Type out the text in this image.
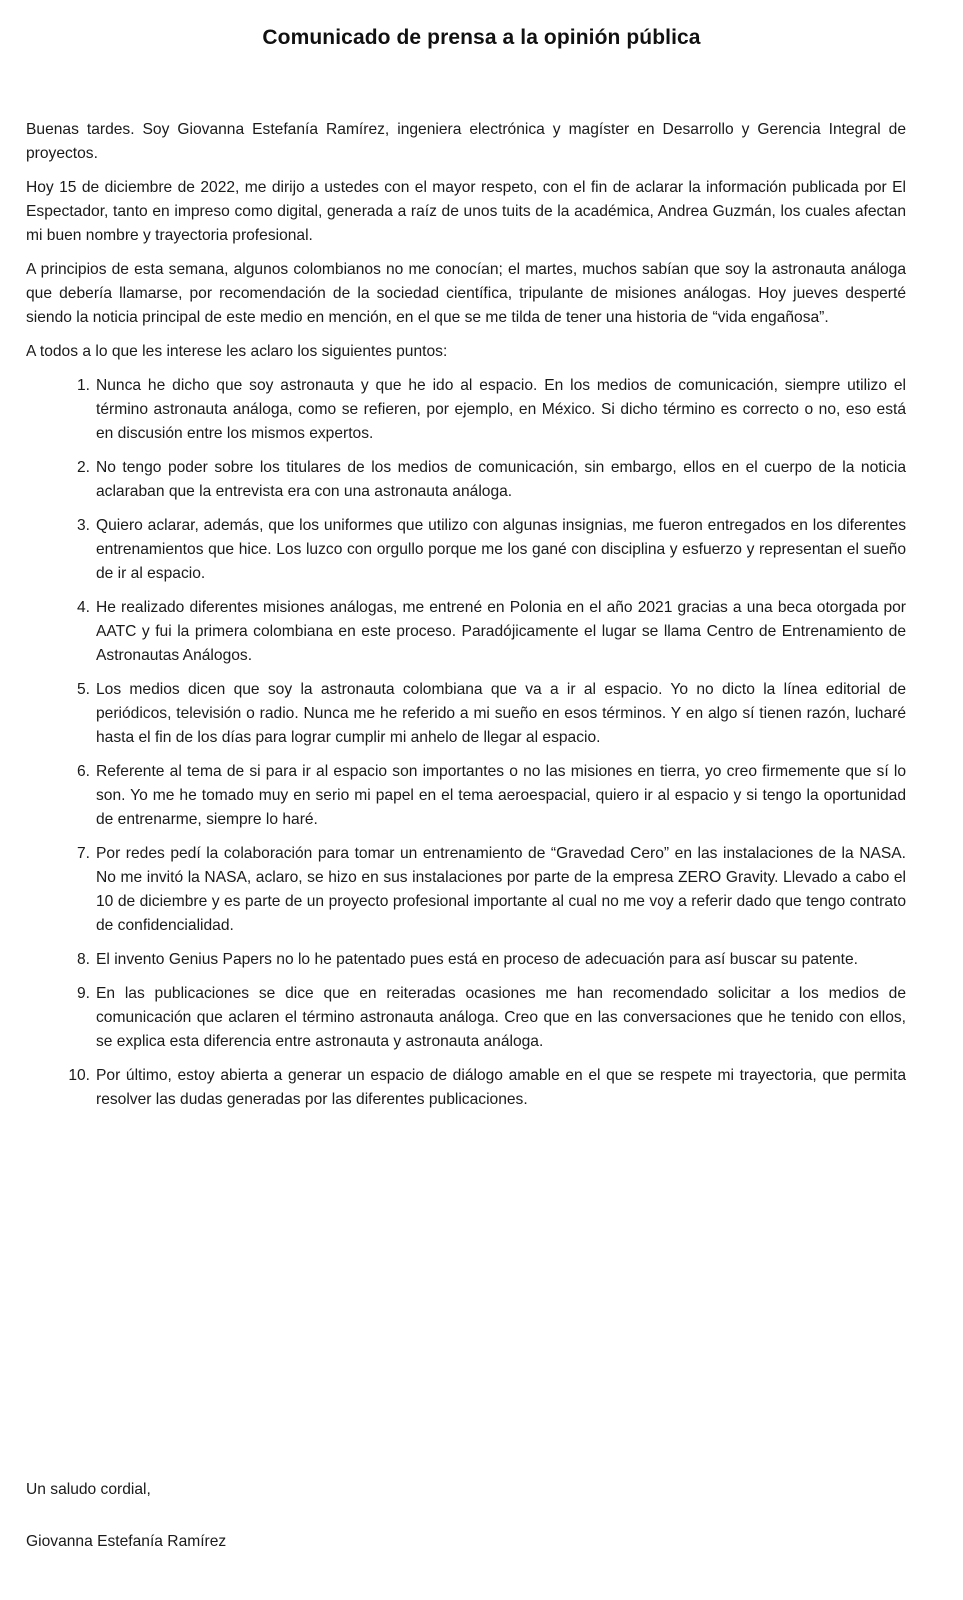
Comunicado de prensa a la opinión pública

Buenas tardes. Soy Giovanna Estefanía Ramírez, ingeniera electrónica y magíster en Desarrollo y Gerencia Integral de proyectos.

Hoy 15 de diciembre de 2022, me dirijo a ustedes con el mayor respeto, con el fin de aclarar la información publicada por El Espectador, tanto en impreso como digital, generada a raíz de unos tuits de la académica, Andrea Guzmán, los cuales afectan mi buen nombre y trayectoria profesional.

A principios de esta semana, algunos colombianos no me conocían; el martes, muchos sabían que soy la astronauta análoga que debería llamarse, por recomendación de la sociedad científica, tripulante de misiones análogas. Hoy jueves desperté siendo la noticia principal de este medio en mención, en el que se me tilda de tener una historia de “vida engañosa”.

A todos a lo que les interese les aclaro los siguientes puntos:

1. Nunca he dicho que soy astronauta y que he ido al espacio. En los medios de comunicación, siempre utilizo el término astronauta análoga, como se refieren, por ejemplo, en México. Si dicho término es correcto o no, eso está en discusión entre los mismos expertos.
2. No tengo poder sobre los titulares de los medios de comunicación, sin embargo, ellos en el cuerpo de la noticia aclaraban que la entrevista era con una astronauta análoga.
3. Quiero aclarar, además, que los uniformes que utilizo con algunas insignias, me fueron entregados en los diferentes entrenamientos que hice. Los luzco con orgullo porque me los gané con disciplina y esfuerzo y representan el sueño de ir al espacio.
4. He realizado diferentes misiones análogas, me entrené en Polonia en el año 2021 gracias a una beca otorgada por AATC y fui la primera colombiana en este proceso. Paradójicamente el lugar se llama Centro de Entrenamiento de Astronautas Análogos.
5. Los medios dicen que soy la astronauta colombiana que va a ir al espacio. Yo no dicto la línea editorial de periódicos, televisión o radio. Nunca me he referido a mi sueño en esos términos. Y en algo sí tienen razón, lucharé hasta el fin de los días para lograr cumplir mi anhelo de llegar al espacio.
6. Referente al tema de si para ir al espacio son importantes o no las misiones en tierra, yo creo firmemente que sí lo son. Yo me he tomado muy en serio mi papel en el tema aeroespacial, quiero ir al espacio y si tengo la oportunidad de entrenarme, siempre lo haré.
7. Por redes pedí la colaboración para tomar un entrenamiento de “Gravedad Cero” en las instalaciones de la NASA. No me invitó la NASA, aclaro, se hizo en sus instalaciones por parte de la empresa ZERO Gravity. Llevado a cabo el 10 de diciembre y es parte de un proyecto profesional importante al cual no me voy a referir dado que tengo contrato de confidencialidad.
8. El invento Genius Papers no lo he patentado pues está en proceso de adecuación para así buscar su patente.
9. En las publicaciones se dice que en reiteradas ocasiones me han recomendado solicitar a los medios de comunicación que aclaren el término astronauta análoga. Creo que en las conversaciones que he tenido con ellos, se explica esta diferencia entre astronauta y astronauta análoga.
10. Por último, estoy abierta a generar un espacio de diálogo amable en el que se respete mi trayectoria, que permita resolver las dudas generadas por las diferentes publicaciones.
Un saludo cordial,
Giovanna Estefanía Ramírez
